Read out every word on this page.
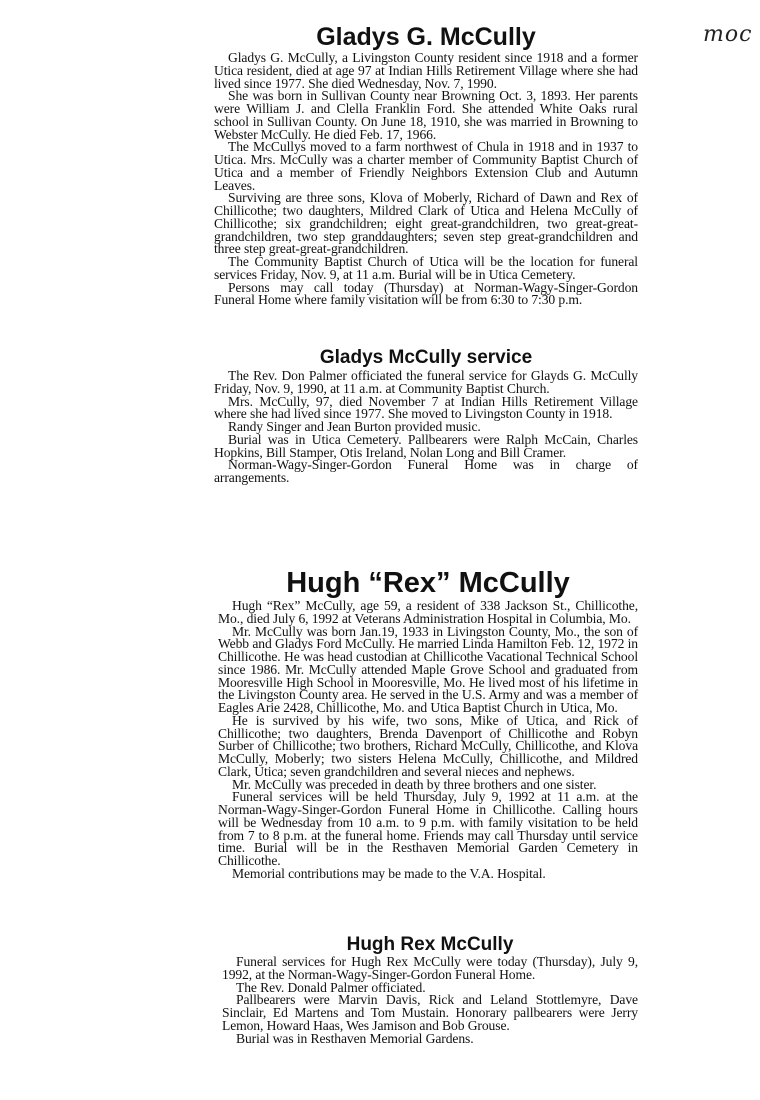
moc
Gladys G. McCully

Gladys G. McCully, a Livingston County resident since 1918 and a former Utica resident, died at age 97 at Indian Hills Retirement Village where she had lived since 1977. She died Wednesday, Nov. 7, 1990.

She was born in Sullivan County near Browning Oct. 3, 1893. Her parents were William J. and Clella Franklin Ford. She attended White Oaks rural school in Sullivan County. On June 18, 1910, she was married in Browning to Webster McCully. He died Feb. 17, 1966.

The McCullys moved to a farm northwest of Chula in 1918 and in 1937 to Utica. Mrs. McCully was a charter member of Community Baptist Church of Utica and a member of Friendly Neighbors Extension Club and Autumn Leaves.

Surviving are three sons, Klova of Moberly, Richard of Dawn and Rex of Chillicothe; two daughters, Mildred Clark of Utica and Helena McCully of Chillicothe; six grandchildren; eight great-grandchildren, two great-great-grandchildren, two step granddaughters; seven step great-grandchildren and three step great-great-grandchildren.

The Community Baptist Church of Utica will be the location for funeral services Friday, Nov. 9, at 11 a.m. Burial will be in Utica Cemetery.

Persons may call today (Thursday) at Norman-Wagy-Singer-Gordon Funeral Home where family visitation will be from 6:30 to 7:30 p.m.

Gladys McCully service

The Rev. Don Palmer officiated the funeral service for Glayds G. McCully Friday, Nov. 9, 1990, at 11 a.m. at Community Baptist Church.

Mrs. McCully, 97, died November 7 at Indian Hills Retirement Village where she had lived since 1977. She moved to Livingston County in 1918.

Randy Singer and Jean Burton provided music.

Burial was in Utica Cemetery. Pallbearers were Ralph McCain, Charles Hopkins, Bill Stamper, Otis Ireland, Nolan Long and Bill Cramer.

Norman-Wagy-Singer-Gordon Funeral Home was in charge of arrangements.

Hugh “Rex” McCully

Hugh “Rex” McCully, age 59, a resident of 338 Jackson St., Chillicothe, Mo., died July 6, 1992 at Veterans Administration Hospital in Columbia, Mo.

Mr. McCully was born Jan.19, 1933 in Livingston County, Mo., the son of Webb and Gladys Ford McCully. He married Linda Hamilton Feb. 12, 1972 in Chillicothe. He was head custodian at Chillicothe Vacational Technical School since 1986. Mr. McCully attended Maple Grove School and graduated from Mooresville High School in Mooresville, Mo. He lived most of his lifetime in the Livingston County area. He served in the U.S. Army and was a member of Eagles Arie 2428, Chillicothe, Mo. and Utica Baptist Church in Utica, Mo.

He is survived by his wife, two sons, Mike of Utica, and Rick of Chillicothe; two daughters, Brenda Davenport of Chillicothe and Robyn Surber of Chillicothe; two brothers, Richard McCully, Chillicothe, and Klova McCully, Moberly; two sisters Helena McCully, Chillicothe, and Mildred Clark, Utica; seven grandchildren and several nieces and nephews.

Mr. McCully was preceded in death by three brothers and one sister.

Funeral services will be held Thursday, July 9, 1992 at 11 a.m. at the Norman-Wagy-Singer-Gordon Funeral Home in Chillicothe. Calling hours will be Wednesday from 10 a.m. to 9 p.m. with family visitation to be held from 7 to 8 p.m. at the funeral home. Friends may call Thursday until service time. Burial will be in the Resthaven Memorial Garden Cemetery in Chillicothe.

Memorial contributions may be made to the V.A. Hospital.

Hugh Rex McCully

Funeral services for Hugh Rex McCully were today (Thursday), July 9, 1992, at the Norman-Wagy-Singer-Gordon Funeral Home.

The Rev. Donald Palmer officiated.

Pallbearers were Marvin Davis, Rick and Leland Stottlemyre, Dave Sinclair, Ed Martens and Tom Mustain. Honorary pallbearers were Jerry Lemon, Howard Haas, Wes Jamison and Bob Grouse.

Burial was in Resthaven Memorial Gardens.
